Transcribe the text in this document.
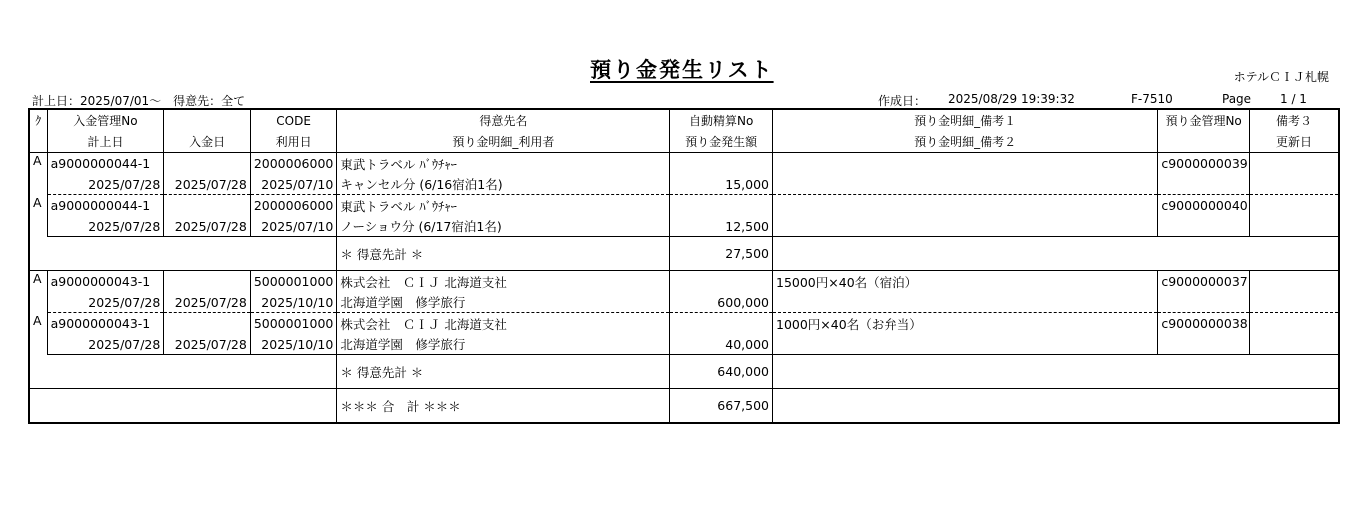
預り金発生リスト	ホテルＣＩＪ札幌
計上日：2025/07/01～　得意先：全て	作成日： 2025/08/29 19:39:32	F-7510	Page 1 / 1
ｸ	入金管理No		CODE	得意先名	自動精算No	預り金明細_備考１	預り金管理No	備考３
	計上日	入金日	利用日	預り金明細_利用者	預り金発生額	預り金明細_備考２		更新日
A	a9000000044-1		2000006000	東武トラベル ﾊﾞｳﾁｬｰ			c9000000039	
	2025/07/28	2025/07/28	2025/07/10	キャンセル分 (6/16宿泊1名)	15,000			
A	a9000000044-1		2000006000	東武トラベル ﾊﾞｳﾁｬｰ			c9000000040	
	2025/07/28	2025/07/28	2025/07/10	ノーショウ分 (6/17宿泊1名)	12,500			
				＊ 得意先計 ＊	27,500			
A	a9000000043-1		5000001000	株式会社　ＣＩＪ 北海道支社		15000円×40名（宿泊）	c9000000037	
	2025/07/28	2025/07/28	2025/10/10	北海道学園　修学旅行	600,000			
A	a9000000043-1		5000001000	株式会社　ＣＩＪ 北海道支社		1000円×40名（お弁当）	c9000000038	
	2025/07/28	2025/07/28	2025/10/10	北海道学園　修学旅行	40,000			
				＊ 得意先計 ＊	640,000			
				＊＊＊ 合　計 ＊＊＊	667,500			
